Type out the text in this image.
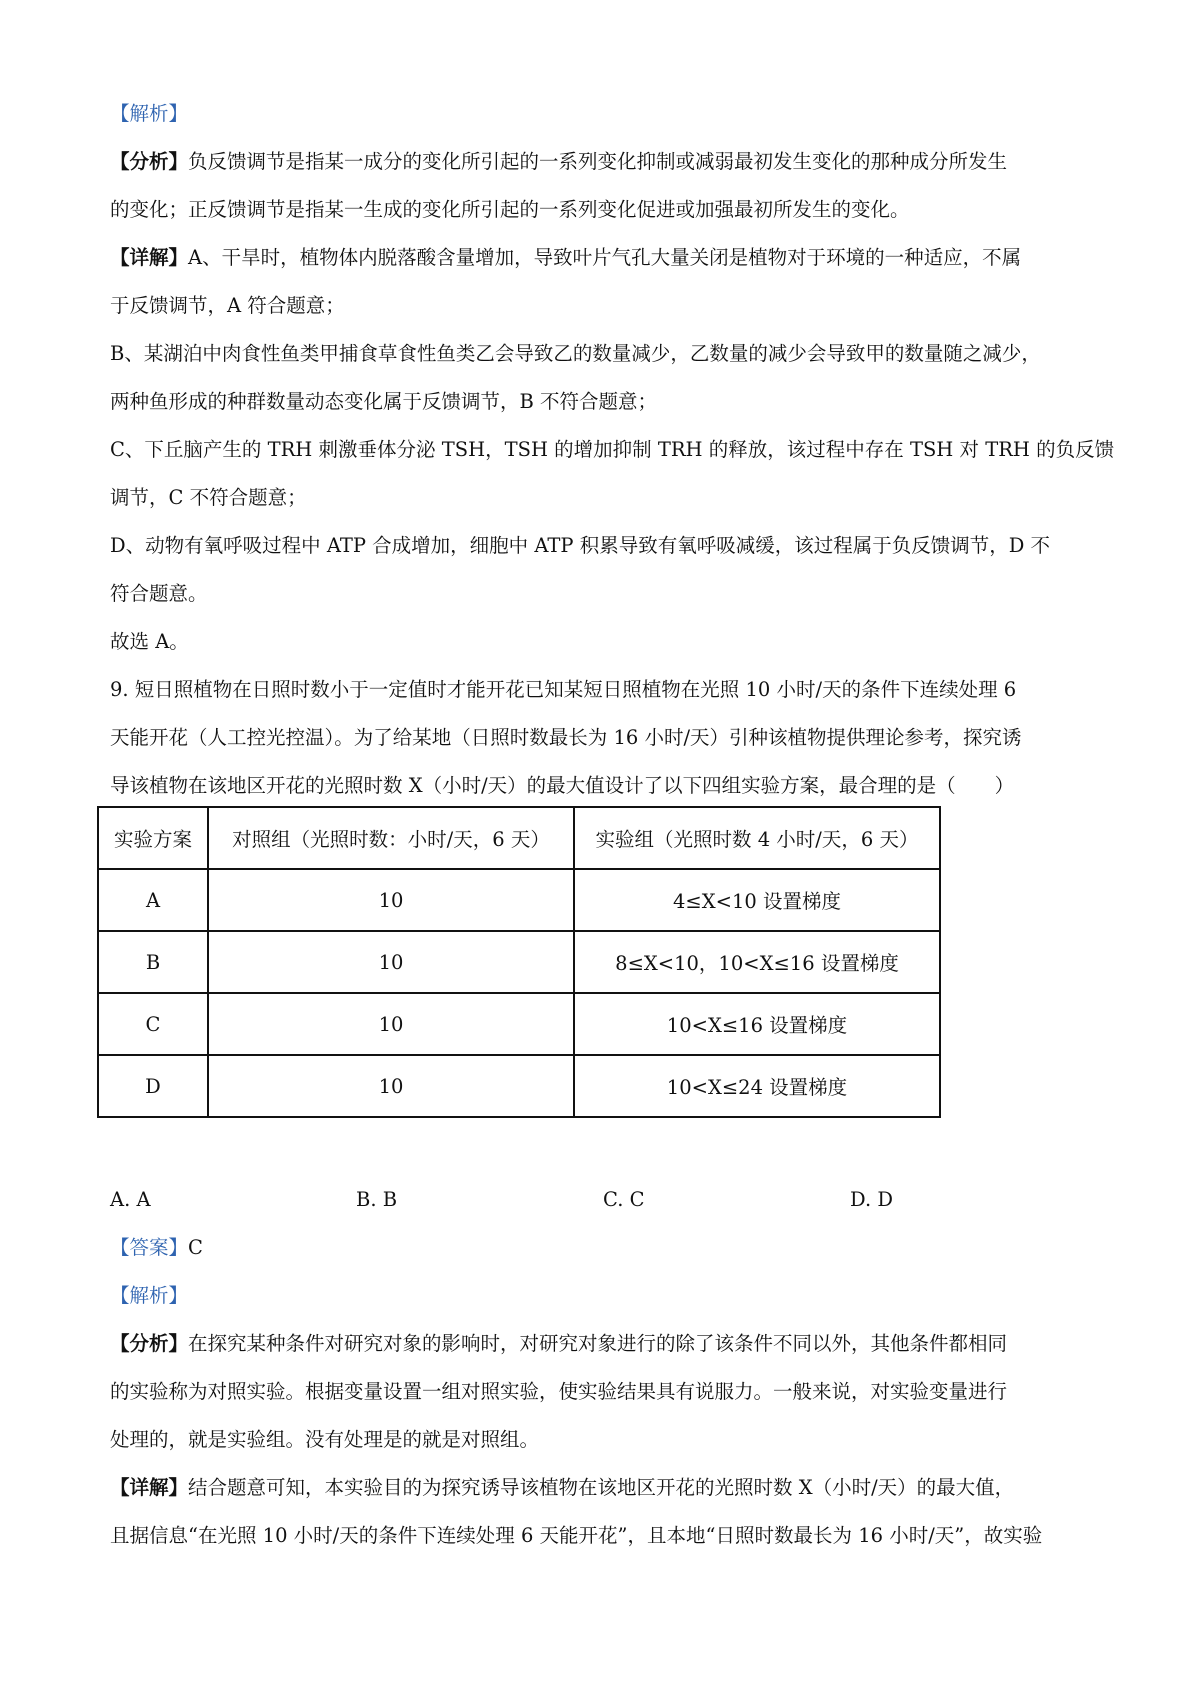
【解析】
【分析】负反馈调节是指某一成分的变化所引起的一系列变化抑制或减弱最初发生变化的那种成分所发生
的变化；正反馈调节是指某一生成的变化所引起的一系列变化促进或加强最初所发生的变化。
【详解】A、干旱时，植物体内脱落酸含量增加，导致叶片气孔大量关闭是植物对于环境的一种适应，不属
于反馈调节，A 符合题意；
B、某湖泊中肉食性鱼类甲捕食草食性鱼类乙会导致乙的数量减少，乙数量的减少会导致甲的数量随之减少，
两种鱼形成的种群数量动态变化属于反馈调节，B 不符合题意；
C、下丘脑产生的 TRH 刺激垂体分泌 TSH，TSH 的增加抑制 TRH 的释放，该过程中存在 TSH 对 TRH 的负反馈
调节，C 不符合题意；
D、动物有氧呼吸过程中 ATP 合成增加，细胞中 ATP 积累导致有氧呼吸减缓，该过程属于负反馈调节，D 不
符合题意。
故选 A。
9. 短日照植物在日照时数小于一定值时才能开花已知某短日照植物在光照 10 小时/天的条件下连续处理 6
天能开花（人工控光控温）。为了给某地（日照时数最长为 16 小时/天）引种该植物提供理论参考，探究诱
导该植物在该地区开花的光照时数 X（小时/天）的最大值设计了以下四组实验方案，最合理的是（　　）
实验方案	对照组（光照时数：小时/天，6 天）	实验组（光照时数 4 小时/天，6 天）
A	10	4≤X<10 设置梯度
B	10	8≤X<10，10<X≤16 设置梯度
C	10	10<X≤16 设置梯度
D	10	10<X≤24 设置梯度
A. A	B. B	C. C	D. D
【答案】C
【解析】
【分析】在探究某种条件对研究对象的影响时，对研究对象进行的除了该条件不同以外，其他条件都相同
的实验称为对照实验。根据变量设置一组对照实验，使实验结果具有说服力。一般来说，对实验变量进行
处理的，就是实验组。没有处理是的就是对照组。
【详解】结合题意可知，本实验目的为探究诱导该植物在该地区开花的光照时数 X（小时/天）的最大值，
且据信息“在光照 10 小时/天的条件下连续处理 6 天能开花”，且本地“日照时数最长为 16 小时/天”，故实验
